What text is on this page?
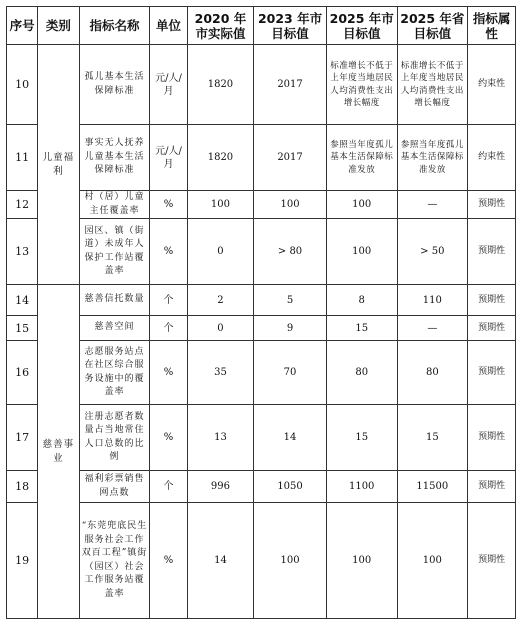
序号	类别	指标名称	单位	2020 年市实际值	2023 年市目标值	2025 年市目标值	2025 年省目标值	指标属性
10	儿童福利	孤儿基本生活保障标准	元/人/月	1820	2017	标准增长不低于上年度当地居民人均消费性支出增长幅度	标准增长不低于上年度当地居民人均消费性支出增长幅度	约束性
11		事实无人抚养儿童基本生活保障标准	元/人/月	1820	2017	参照当年度孤儿基本生活保障标准发放	参照当年度孤儿基本生活保障标准发放	约束性
12		村（居）儿童主任覆盖率	%	100	100	100	—	预期性
13		园区、镇（街道）未成年人保护工作站覆盖率	%	0	> 80	100	> 50	预期性
14	慈善事业	慈善信托数量	个	2	5	8	110	预期性
15		慈善空间	个	0	9	15	—	预期性
16		志愿服务站点在社区综合服务设施中的覆盖率	%	35	70	80	80	预期性
17		注册志愿者数量占当地常住人口总数的比例	%	13	14	15	15	预期性
18		福利彩票销售网点数	个	996	1050	1100	11500	预期性
19		“东莞兜底民生服务社会工作双百工程”镇街（园区）社会工作服务站覆盖率	%	14	100	100	100	预期性
